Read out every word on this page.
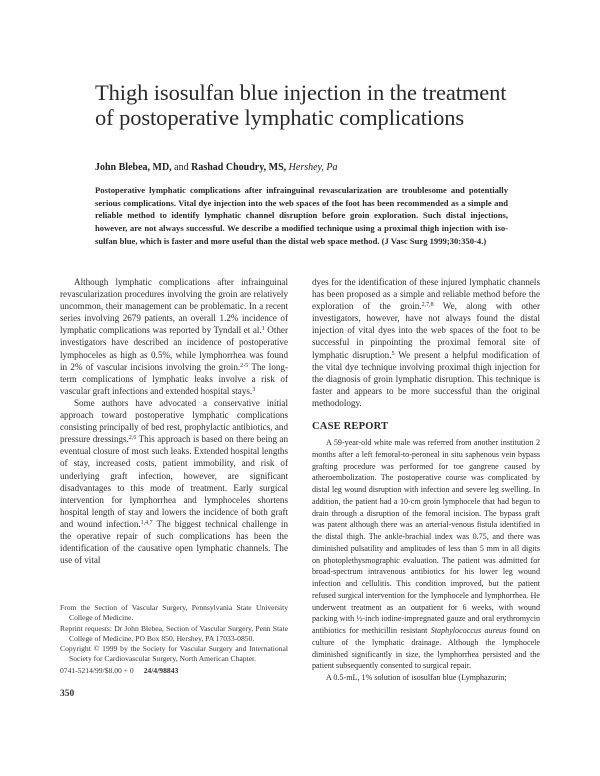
Thigh isosulfan blue injection in the treatment of postoperative lymphatic complications
John Blebea, MD, and Rashad Choudry, MS, Hershey, Pa

Postoperative lymphatic complications after infrainguinal revascularization are troublesome and potentially serious complications. Vital dye injection into the web spaces of the foot has been recommended as a simple and reliable method to identify lymphatic channel disruption before groin exploration. Such distal injections, however, are not always successful. We describe a modified technique using a proximal thigh injection with isosulfan blue, which is faster and more useful than the distal web space method. (J Vasc Surg 1999;30:350-4.)

Although lymphatic complications after infrainguinal revascularization procedures involving the groin are relatively uncommon, their management can be problematic. In a recent series involving 2679 patients, an overall 1.2% incidence of lymphatic complications was reported by Tyndall et al.$^1$ Other investigators have described an incidence of postoperative lymphoceles as high as 0.5%, while lymphorrhea was found in 2% of vascular incisions involving the groin.$^{2-5}$ The long-term complications of lymphatic leaks involve a risk of vascular graft infections and extended hospital stays.$^3$

Some authors have advocated a conservative initial approach toward postoperative lymphatic complications consisting principally of bed rest, prophylactic antibiotics, and pressure dressings.$^{2,6}$ This approach is based on there being an eventual closure of most such leaks. Extended hospital lengths of stay, increased costs, patient immobility, and risk of underlying graft infection, however, are significant disadvantages to this mode of treatment. Early surgical intervention for lymphorrhea and lymphoceles shortens hospital length of stay and lowers the incidence of both graft and wound infection.$^{1,4,7}$ The biggest technical challenge in the operative repair of such complications has been the identification of the causative open lymphatic channels. The use of vital

dyes for the identification of these injured lymphatic channels has been proposed as a simple and reliable method before the exploration of the groin.$^{2,7,8}$ We, along with other investigators, however, have not always found the distal injection of vital dyes into the web spaces of the foot to be successful in pinpointing the proximal femoral site of lymphatic disruption.$^5$ We present a helpful modification of the vital dye technique involving proximal thigh injection for the diagnosis of groin lymphatic disruption. This technique is faster and appears to be more successful than the original methodology.

CASE REPORT

A 59-year-old white male was referred from another institution 2 months after a left femoral-to-peroneal in situ saphenous vein bypass grafting procedure was performed for toe gangrene caused by atheroembolization. The postoperative course was complicated by distal leg wound disruption with infection and severe leg swelling. In addition, the patient had a 10-cm groin lymphocele that had begun to drain through a disruption of the femoral incision. The bypass graft was patent although there was an arterial-venous fistula identified in the distal thigh. The ankle-brachial index was 0.75, and there was diminished pulsatility and amplitudes of less than 5 mm in all digits on photoplethysmographic evaluation. The patient was admitted for broad-spectrum intravenous antibiotics for his lower leg wound infection and cellulitis. This condition improved, but the patient refused surgical intervention for the lymphocele and lymphorrhea. He underwent treatment as an outpatient for 6 weeks, with wound packing with ½-inch iodine-impregnated gauze and oral erythromycin antibiotics for methicillin resistant Staphylococcus aureus found on culture of the lymphatic drainage. Although the lymphocele diminished significantly in size, the lymphorrhea persisted and the patient subsequently consented to surgical repair.

A 0.5-mL, 1% solution of isosulfan blue (Lymphazurin;

From the Section of Vascular Surgery, Pennsylvania State University College of Medicine.

Reprint requests: Dr John Blebea, Section of Vascular Surgery, Penn State College of Medicine, PO Box 850, Hershey, PA 17033-0850.

Copyright © 1999 by the Society for Vascular Surgery and International Society for Cardiovascular Surgery, North American Chapter.

0741-5214/99/$8.00 + 0 24/4/98843

350
